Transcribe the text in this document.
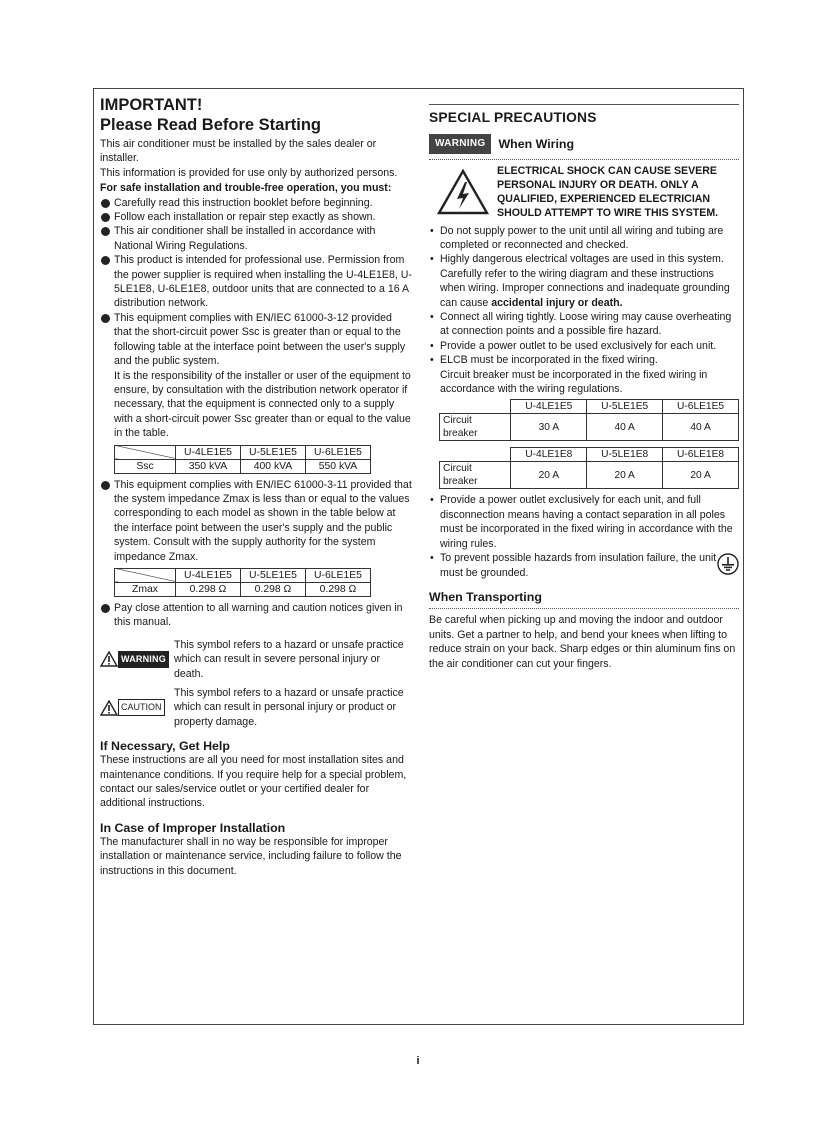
IMPORTANT!

Please Read Before Starting

This air conditioner must be installed by the sales dealer or installer.

This information is provided for use only by authorized persons.

For safe installation and trouble-free operation, you must:

Carefully read this instruction booklet before beginning.

Follow each installation or repair step exactly as shown.

This air conditioner shall be installed in accordance with National Wiring Regulations.

This product is intended for professional use. Permission from the power supplier is required when installing the U-4LE1E8, U-5LE1E8, U-6LE1E8, outdoor units that are connected to a 16 A distribution network.

This equipment complies with EN/IEC 61000-3-12 provided that the short-circuit power Ssc is greater than or equal to the following table at the interface point between the user's supply and the public system.

It is the responsibility of the installer or user of the equipment to ensure, by consultation with the distribution network operator if necessary, that the equipment is connected only to a supply with a short-circuit power Ssc greater than or equal to the value in the table.

	U-4LE1E5	U-5LE1E5	U-6LE1E5
Ssc	350 kVA	400 kVA	550 kVA

This equipment complies with EN/IEC 61000-3-11 provided that the system impedance Zmax is less than or equal to the values corresponding to each model as shown in the table below at the interface point between the user's supply and the public system. Consult with the supply authority for the system impedance Zmax.

	U-4LE1E5	U-5LE1E5	U-6LE1E5
Zmax	0.298 Ω	0.298 Ω	0.298 Ω

Pay close attention to all warning and caution notices given in this manual.

WARNING

This symbol refers to a hazard or unsafe practice which can result in severe personal injury or death.

CAUTION

This symbol refers to a hazard or unsafe practice which can result in personal injury or product or property damage.

If Necessary, Get Help

These instructions are all you need for most installation sites and maintenance conditions. If you require help for a special problem, contact our sales/service outlet or your certified dealer for additional instructions.

In Case of Improper Installation

The manufacturer shall in no way be responsible for improper installation or maintenance service, including failure to follow the instructions in this document.

SPECIAL PRECAUTIONS

WARNING	When Wiring

ELECTRICAL SHOCK CAN CAUSE SEVERE PERSONAL INJURY OR DEATH. ONLY A QUALIFIED, EXPERIENCED ELECTRICIAN SHOULD ATTEMPT TO WIRE THIS SYSTEM.

• Do not supply power to the unit until all wiring and tubing are completed or reconnected and checked.

• Highly dangerous electrical voltages are used in this system.

Carefully refer to the wiring diagram and these instructions when wiring. Improper connections and inadequate grounding can cause accidental injury or death.

• Connect all wiring tightly. Loose wiring may cause overheating at connection points and a possible fire hazard.

• Provide a power outlet to be used exclusively for each unit.

• ELCB must be incorporated in the fixed wiring.

Circuit breaker must be incorporated in the fixed wiring in accordance with the wiring regulations.

	U-4LE1E5	U-5LE1E5	U-6LE1E5
Circuit breaker	30 A	40 A	40 A
	U-4LE1E8	U-5LE1E8	U-6LE1E8
Circuit breaker	20 A	20 A	20 A

• Provide a power outlet exclusively for each unit, and full disconnection means having a contact separation in all poles must be incorporated in the fixed wiring in accordance with the wiring rules.

• To prevent possible hazards from insulation failure, the unit must be grounded.

When Transporting

Be careful when picking up and moving the indoor and outdoor units. Get a partner to help, and bend your knees when lifting to reduce strain on your back. Sharp edges or thin aluminum fins on the air conditioner can cut your fingers.

i
